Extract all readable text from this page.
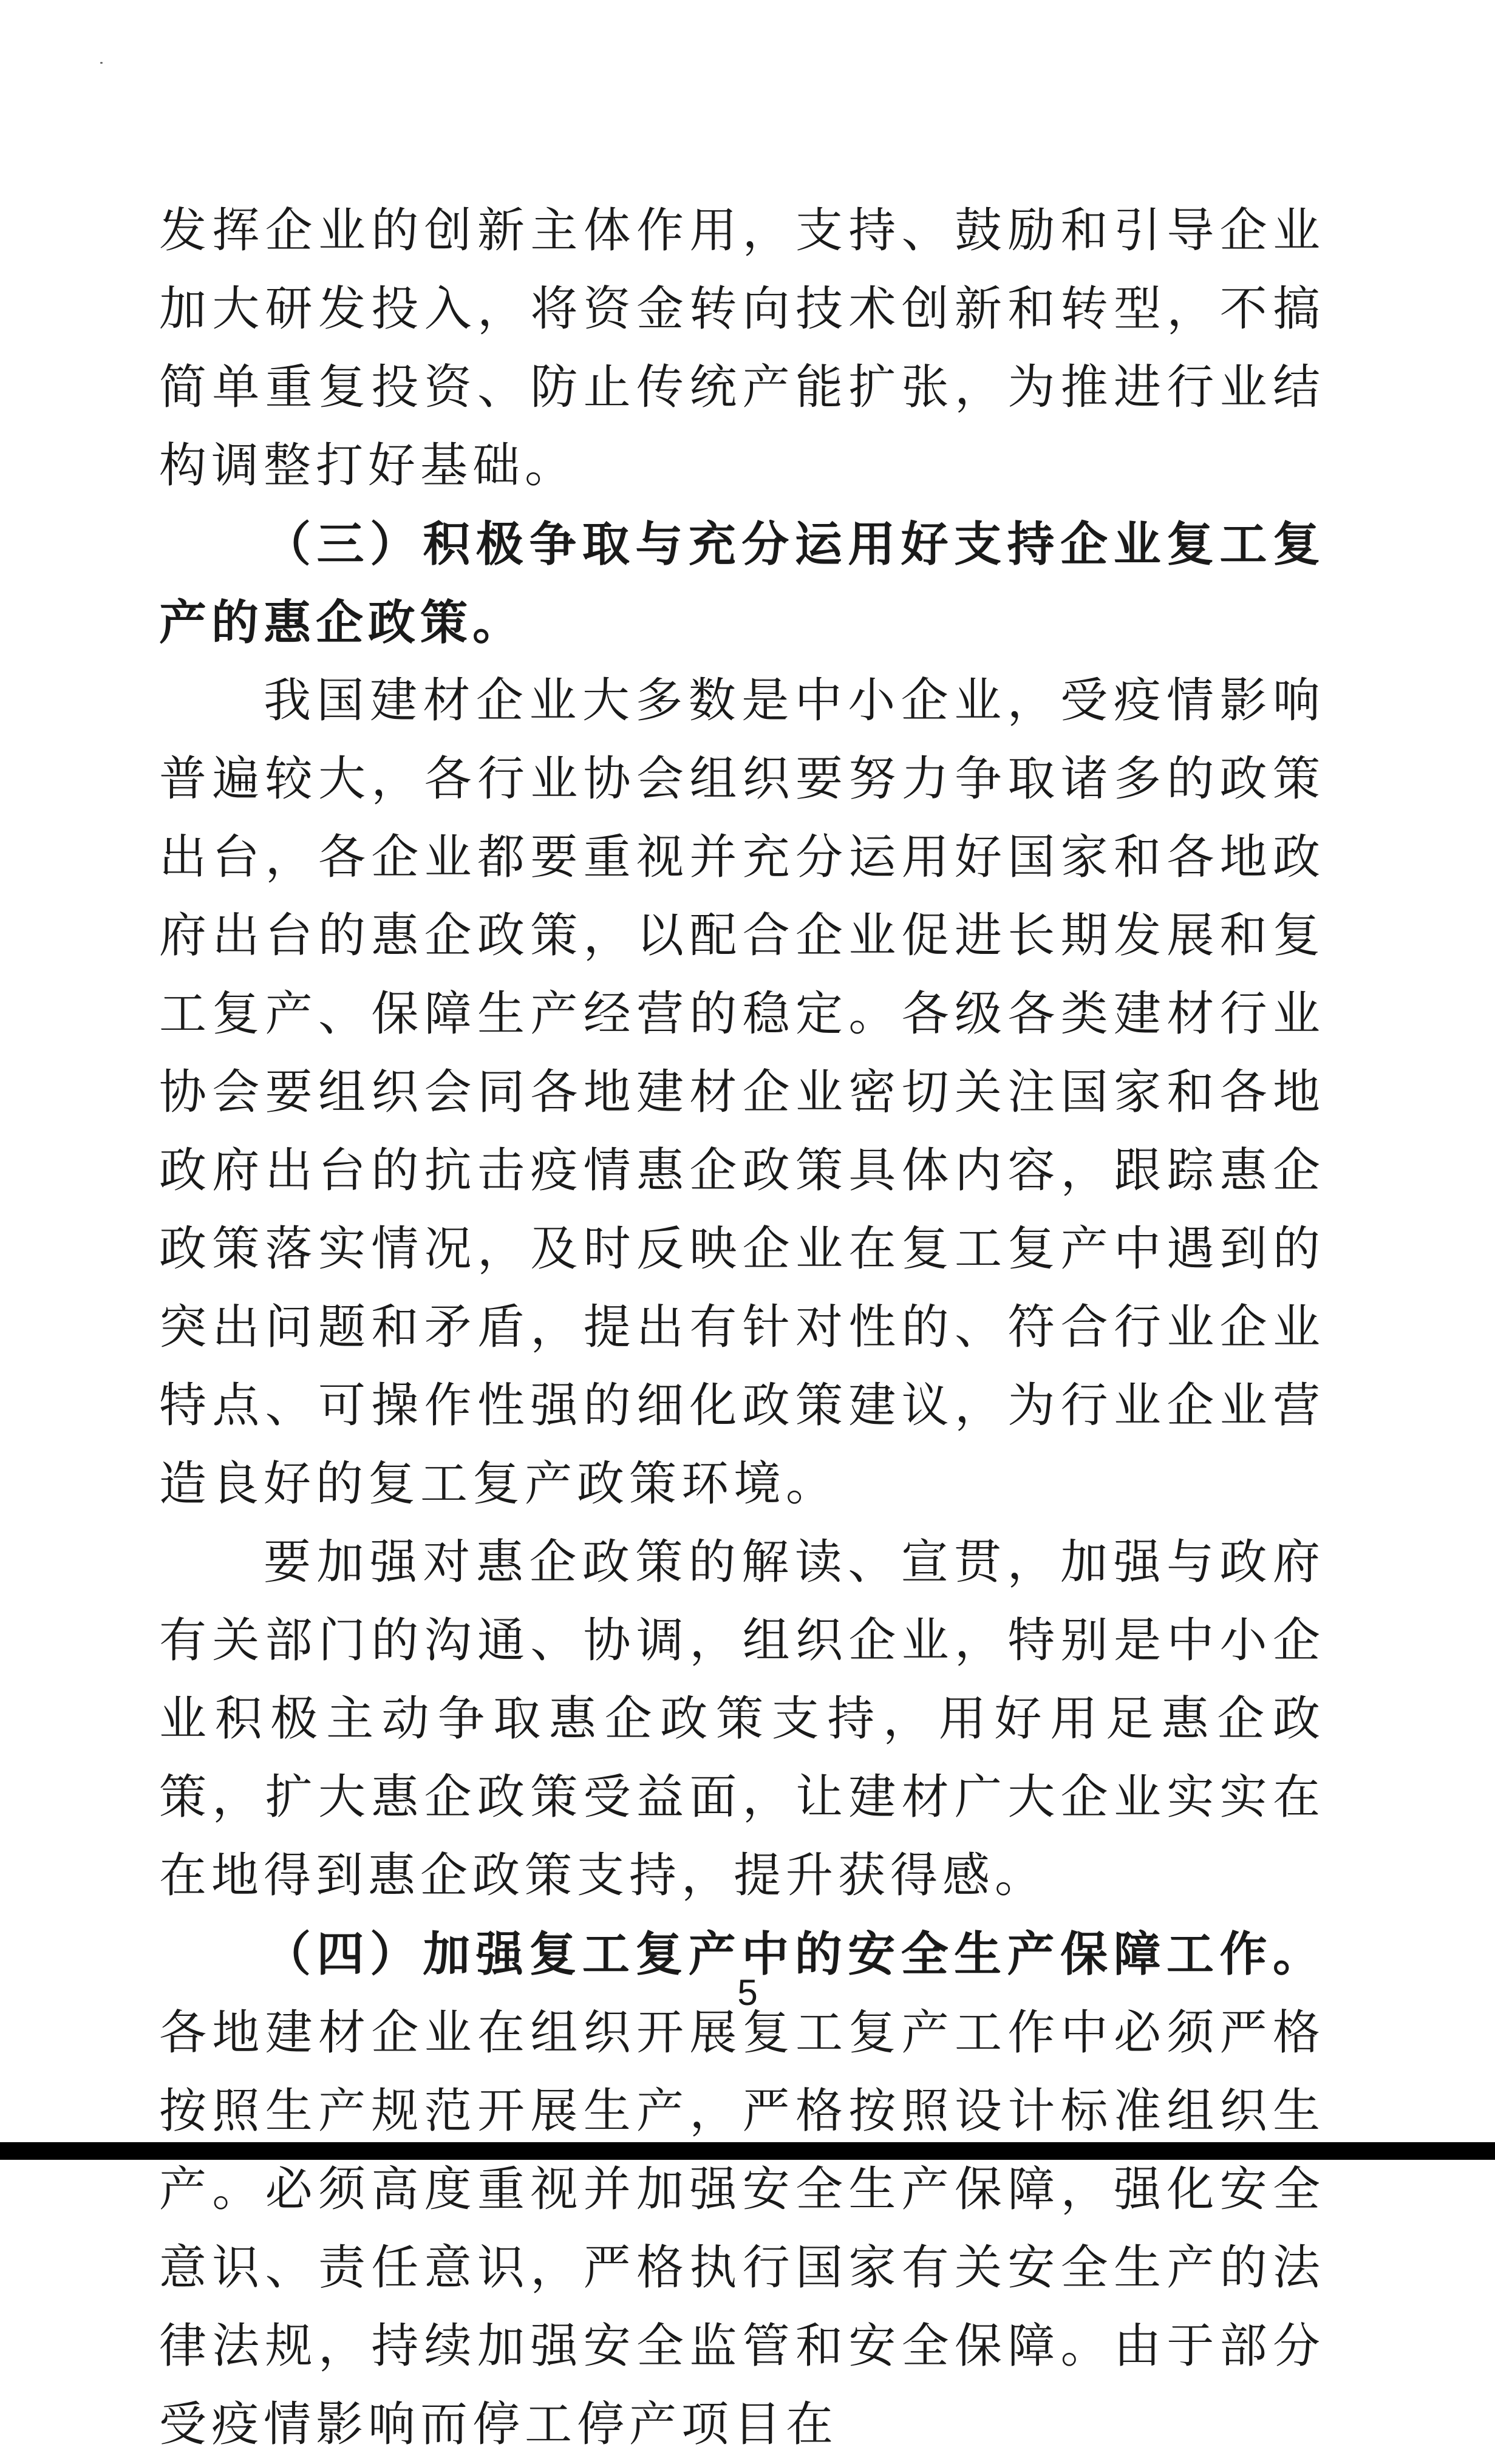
发挥企业的创新主体作用，支持、鼓励和引导企业加大研发投入，将资金转向技术创新和转型，不搞简单重复投资、防止传统产能扩张，为推进行业结构调整打好基础。

（三）积极争取与充分运用好支持企业复工复产的惠企政策。

我国建材企业大多数是中小企业，受疫情影响普遍较大，各行业协会组织要努力争取诸多的政策出台，各企业都要重视并充分运用好国家和各地政府出台的惠企政策，以配合企业促进长期发展和复工复产、保障生产经营的稳定。各级各类建材行业协会要组织会同各地建材企业密切关注国家和各地政府出台的抗击疫情惠企政策具体内容，跟踪惠企政策落实情况，及时反映企业在复工复产中遇到的突出问题和矛盾，提出有针对性的、符合行业企业特点、可操作性强的细化政策建议，为行业企业营造良好的复工复产政策环境。

要加强对惠企政策的解读、宣贯，加强与政府有关部门的沟通、协调，组织企业，特别是中小企业积极主动争取惠企政策支持，用好用足惠企政策，扩大惠企政策受益面，让建材广大企业实实在在地得到惠企政策支持，提升获得感。

（四）加强复工复产中的安全生产保障工作。各地建材企业在组织开展复工复产工作中必须严格按照生产规范开展生产，严格按照设计标准组织生产。必须高度重视并加强安全生产保障，强化安全意识、责任意识，严格执行国家有关安全生产的法律法规，持续加强安全监管和安全保障。由于部分受疫情影响而停工停产项目在

5
